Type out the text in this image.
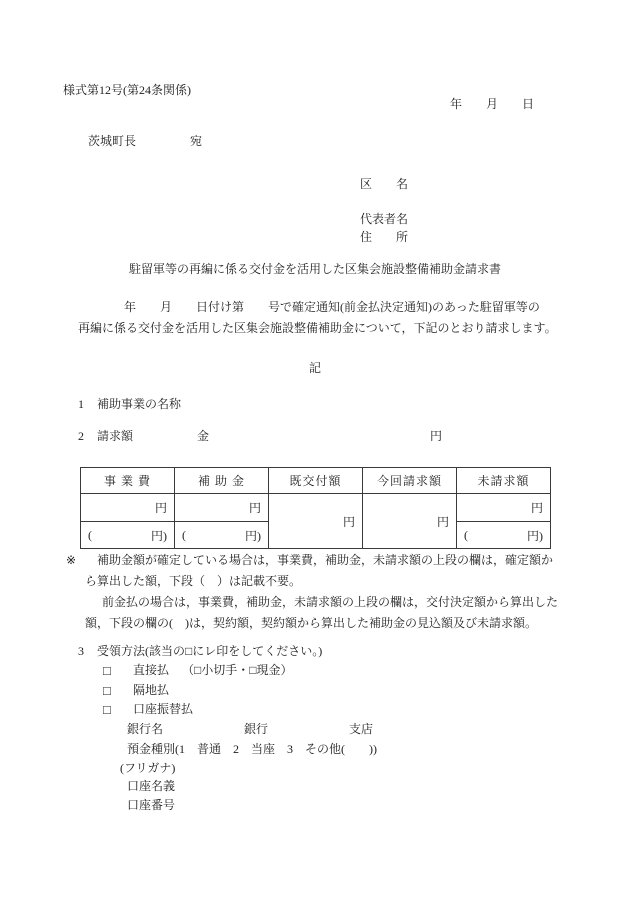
様式第12号(第24条関係)
年　　月　　日
茨城町長	宛
区　　名
代表者名
住　　所
駐留軍等の再編に係る交付金を活用した区集会施設整備補助金請求書
年　　月　　日付け第　　号で確定通知(前金払決定通知)のあった駐留軍等の
再編に係る交付金を活用した区集会施設整備補助金について，下記のとおり請求します。
記
1 補助事業の名称
2 請求額	金	円
事 業 費	補 助 金	既交付額	今回請求額	未請求額
円	円	円	円	円

( 円)	( 円)			( 円)
※ 補助金額が確定している場合は，事業費，補助金，未請求額の上段の欄は，確定額か
ら算出した額，下段（　）は記載不要。
前金払の場合は，事業費，補助金，未請求額の上段の欄は，交付決定額から算出した
額，下段の欄の(　)は，契約額，契約額から算出した補助金の見込額及び未請求額。
3 受領方法(該当の□にレ印をしてください。)
□ 直接払 （□小切手・□現金）
□ 隔地払
□ 口座振替払
銀行名	銀行	支店
預金種別(1　普通　2　当座　3　その他(　　))
(フリガナ)
口座名義
口座番号
